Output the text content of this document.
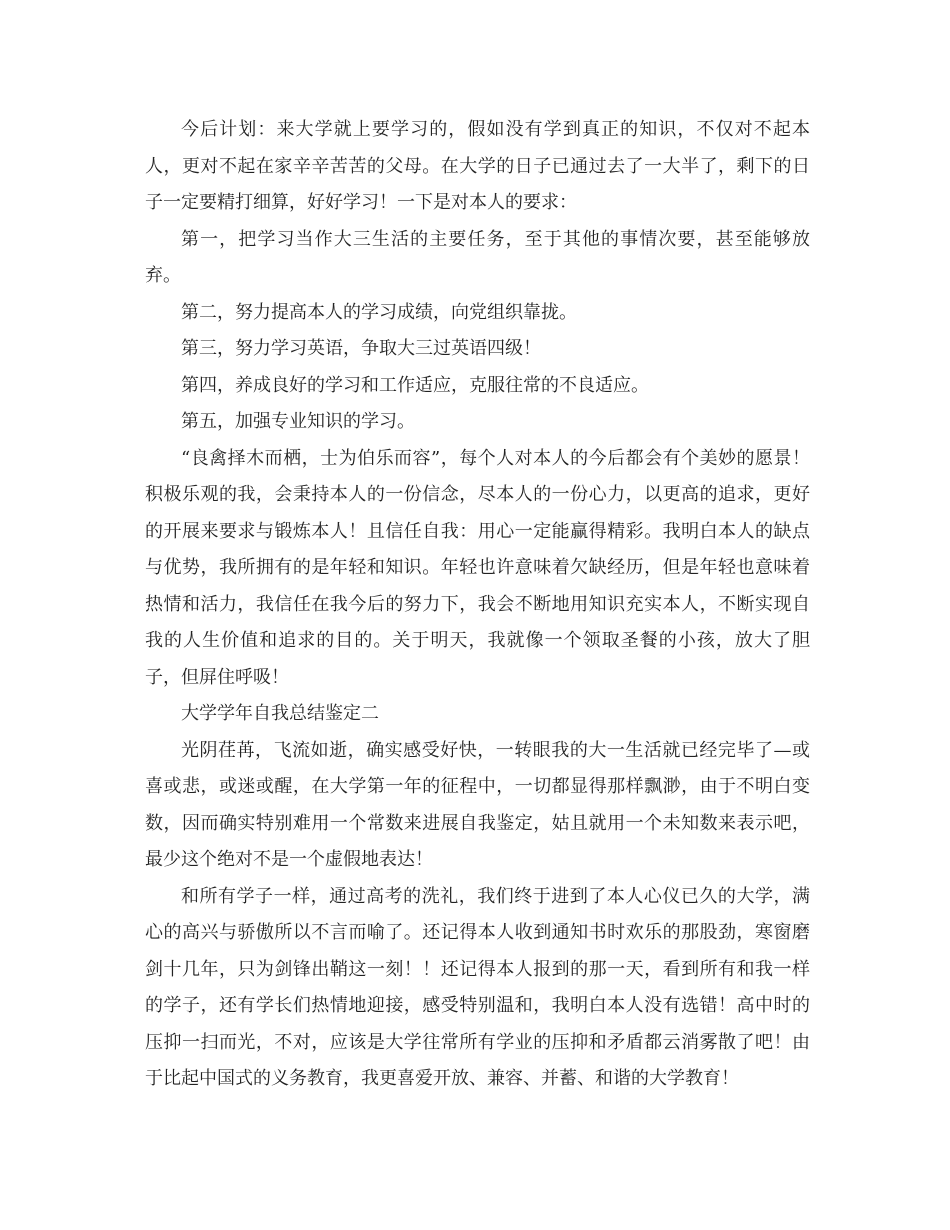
今后计划：来大学就上要学习的，假如没有学到真正的知识，不仅对不起本人，更对不起在家辛辛苦苦的父母。在大学的日子已通过去了一大半了，剩下的日子一定要精打细算，好好学习！一下是对本人的要求：

第一，把学习当作大三生活的主要任务，至于其他的事情次要，甚至能够放弃。

第二，努力提高本人的学习成绩，向党组织靠拢。

第三，努力学习英语，争取大三过英语四级！

第四，养成良好的学习和工作适应，克服往常的不良适应。

第五，加强专业知识的学习。

“良禽择木而栖，士为伯乐而容”，每个人对本人的今后都会有个美妙的愿景！积极乐观的我，会秉持本人的一份信念，尽本人的一份心力，以更高的追求，更好的开展来要求与锻炼本人！且信任自我：用心一定能赢得精彩。我明白本人的缺点与优势，我所拥有的是年轻和知识。年轻也许意味着欠缺经历，但是年轻也意味着热情和活力，我信任在我今后的努力下，我会不断地用知识充实本人，不断实现自我的人生价值和追求的目的。关于明天，我就像一个领取圣餐的小孩，放大了胆子，但屏住呼吸！

大学学年自我总结鉴定二

光阴荏苒，飞流如逝，确实感受好快，一转眼我的大一生活就已经完毕了—或喜或悲，或迷或醒，在大学第一年的征程中，一切都显得那样飘渺，由于不明白变数，因而确实特别难用一个常数来进展自我鉴定，姑且就用一个未知数来表示吧，最少这个绝对不是一个虚假地表达！

和所有学子一样，通过高考的洗礼，我们终于进到了本人心仪已久的大学，满心的高兴与骄傲所以不言而喻了。还记得本人收到通知书时欢乐的那股劲，寒窗磨剑十几年，只为剑锋出鞘这一刻！！还记得本人报到的那一天，看到所有和我一样的学子，还有学长们热情地迎接，感受特别温和，我明白本人没有选错！高中时的压抑一扫而光，不对，应该是大学往常所有学业的压抑和矛盾都云消雾散了吧！由于比起中国式的义务教育，我更喜爱开放、兼容、并蓄、和谐的大学教育！
